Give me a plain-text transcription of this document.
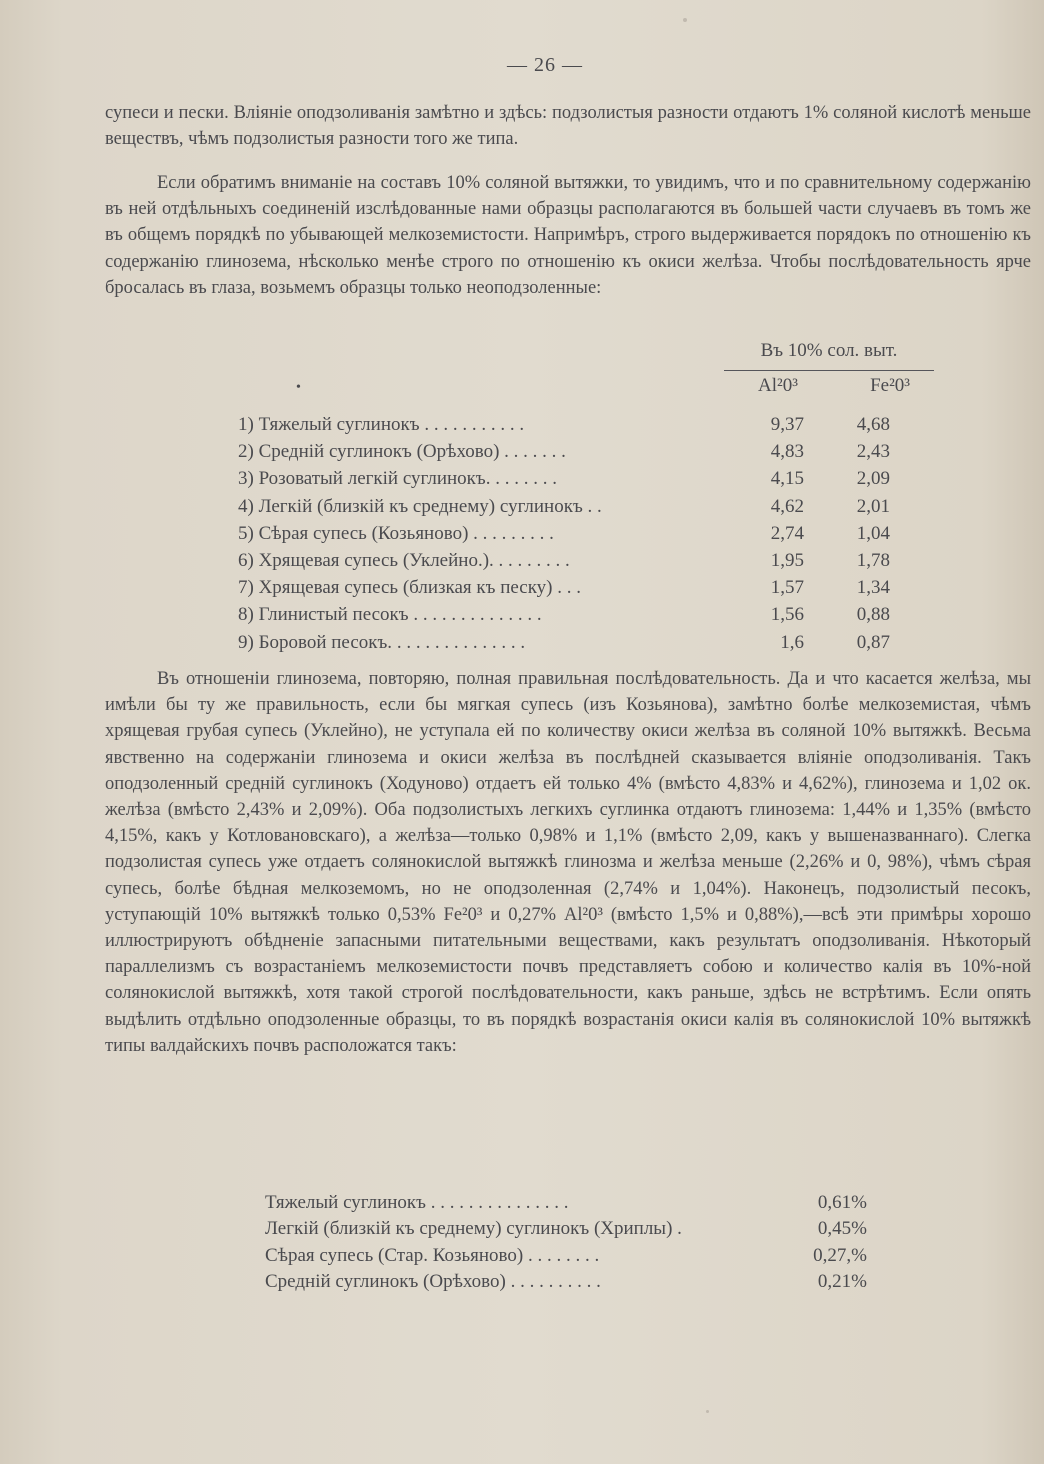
— 26 —

супеси и пески. Вліяніе оподзоливанія замѣтно и здѣсь: подзолистыя разности отдаютъ 1% соляной кислотѣ меньше веществъ, чѣмъ подзолистыя разности того же типа.

Если обратимъ вниманіе на составъ 10% соляной вытяжки, то увидимъ, что и по сравнительному содержанію въ ней отдѣльныхъ соединеній изслѣдованные нами образцы располагаются въ большей части случаевъ въ томъ же въ общемъ порядкѣ по убывающей мелкоземистости. Напримѣръ, строго выдерживается порядокъ по отношенію къ содержанію глинозема, нѣсколько менѣе строго по отношенію къ окиси желѣза. Чтобы послѣдовательность ярче бросалась въ глаза, возьмемъ образцы только неоподзоленные:

•
Въ 10% сол. выт.
Al²0³	Fe²0³
1) Тяжелый суглинокъ . . . . . . . . . . .	9,37	4,68
2) Среднiй суглинокъ (Орѣхово) . . . . . . .	4,83	2,43
3) Розоватый легкій суглинокъ. . . . . . . .	4,15	2,09
4) Легкій (близкій къ среднему) суглинокъ . .	4,62	2,01
5) Сѣрая супесь (Козьяново) . . . . . . . . .	2,74	1,04
6) Хрящевая супесь (Уклейно.). . . . . . . . .	1,95	1,78
7) Хрящевая супесь (близкая къ песку) . . .	1,57	1,34
8) Глинистый песокъ . . . . . . . . . . . . . .	1,56	0,88
9) Боровой песокъ. . . . . . . . . . . . . . .	1,6	0,87

Въ отношеніи глинозема, повторяю, полная правильная послѣдовательность. Да и что касается желѣза, мы имѣли бы ту же правильность, если бы мягкая супесь (изъ Козьянова), замѣтно болѣе мелкоземистая, чѣмъ хрящевая грубая супесь (Уклейно), не уступала ей по количеству окиси желѣза въ соляной 10% вытяжкѣ. Весьма явственно на содержаніи глинозема и окиси желѣза въ послѣдней сказывается вліяніе оподзоливанія. Такъ оподзоленный средній суглинокъ (Ходуново) отдаетъ ей только 4% (вмѣсто 4,83% и 4,62%), глинозема и 1,02 ок. желѣза (вмѣсто 2,43% и 2,09%). Оба подзолистыхъ легкихъ суглинка отдаютъ глинозема: 1,44% и 1,35% (вмѣсто 4,15%, какъ у Котловановскаго), а желѣза—только 0,98% и 1,1% (вмѣсто 2,09, какъ у вышеназваннаго). Слегка подзолистая супесь уже отдаетъ солянокислой вытяжкѣ глинозма и желѣза меньше (2,26% и 0, 98%), чѣмъ сѣрая супесь, болѣе бѣдная мелкоземомъ, но не оподзоленная (2,74% и 1,04%). Наконецъ, подзолистый песокъ, уступающій 10% вытяжкѣ только 0,53% Fe²0³ и 0,27% Al²0³ (вмѣсто 1,5% и 0,88%),—всѣ эти примѣры хорошо иллюстрируютъ обѣдненіе запасными питательными веществами, какъ результатъ оподзоливанія. Нѣкоторый параллелизмъ съ возрастаніемъ мелкоземистости почвъ представляетъ собою и количество калія въ 10%-ной солянокислой вытяжкѣ, хотя такой строгой послѣдовательности, какъ раньше, здѣсь не встрѣтимъ. Если опять выдѣлить отдѣльно оподзоленные образцы, то въ порядкѣ возрастанія окиси калія въ солянокислой 10% вытяжкѣ типы валдайскихъ почвъ расположатся такъ:

Тяжелый суглинокъ . . . . . . . . . . . . . . .	0,61%
Легкій (близкій къ среднему) суглинокъ (Хриплы) .	0,45%
Сѣрая супесь (Стар. Козьяново) . . . . . . . .	0,27,%
Средній суглинокъ (Орѣхово) . . . . . . . . . .	0,21%
